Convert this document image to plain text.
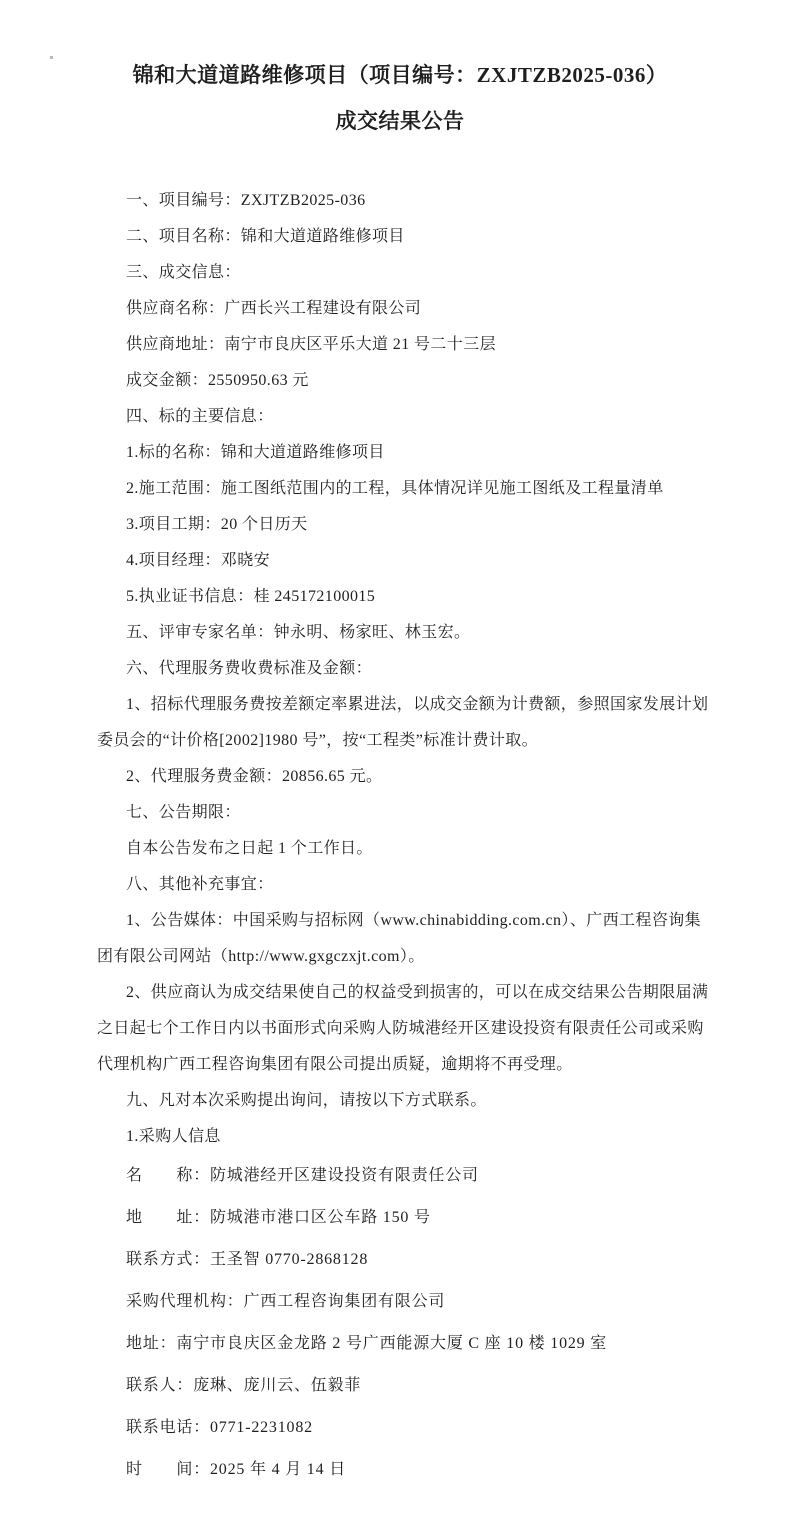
锦和大道道路维修项目（项目编号：ZXJTZB2025-036）
成交结果公告
一、项目编号：ZXJTZB2025-036
二、项目名称：锦和大道道路维修项目
三、成交信息：
供应商名称：广西长兴工程建设有限公司
供应商地址：南宁市良庆区平乐大道 21 号二十三层
成交金额：2550950.63 元
四、标的主要信息：
1.标的名称：锦和大道道路维修项目
2.施工范围：施工图纸范围内的工程，具体情况详见施工图纸及工程量清单
3.项目工期：20 个日历天
4.项目经理：邓晓安
5.执业证书信息：桂 245172100015
五、评审专家名单：钟永明、杨家旺、林玉宏。
六、代理服务费收费标准及金额：
1、招标代理服务费按差额定率累进法，以成交金额为计费额，参照国家发展计划
委员会的“计价格[2002]1980 号”，按“工程类”标准计费计取。
2、代理服务费金额：20856.65 元。
七、公告期限：
自本公告发布之日起 1 个工作日。
八、其他补充事宜：
1、公告媒体：中国采购与招标网（www.chinabidding.com.cn）、广西工程咨询集
团有限公司网站（http://www.gxgczxjt.com）。
2、供应商认为成交结果使自己的权益受到损害的，可以在成交结果公告期限届满
之日起七个工作日内以书面形式向采购人防城港经开区建设投资有限责任公司或采购
代理机构广西工程咨询集团有限公司提出质疑，逾期将不再受理。
九、凡对本次采购提出询问，请按以下方式联系。
1.采购人信息
名　　称：防城港经开区建设投资有限责任公司
地　　址：防城港市港口区公车路 150 号
联系方式：王圣智 0770-2868128
采购代理机构：广西工程咨询集团有限公司
地址：南宁市良庆区金龙路 2 号广西能源大厦 C 座 10 楼 1029 室
联系人：庞琳、庞川云、伍毅菲
联系电话：0771-2231082
时　　间：2025 年 4 月 14 日
